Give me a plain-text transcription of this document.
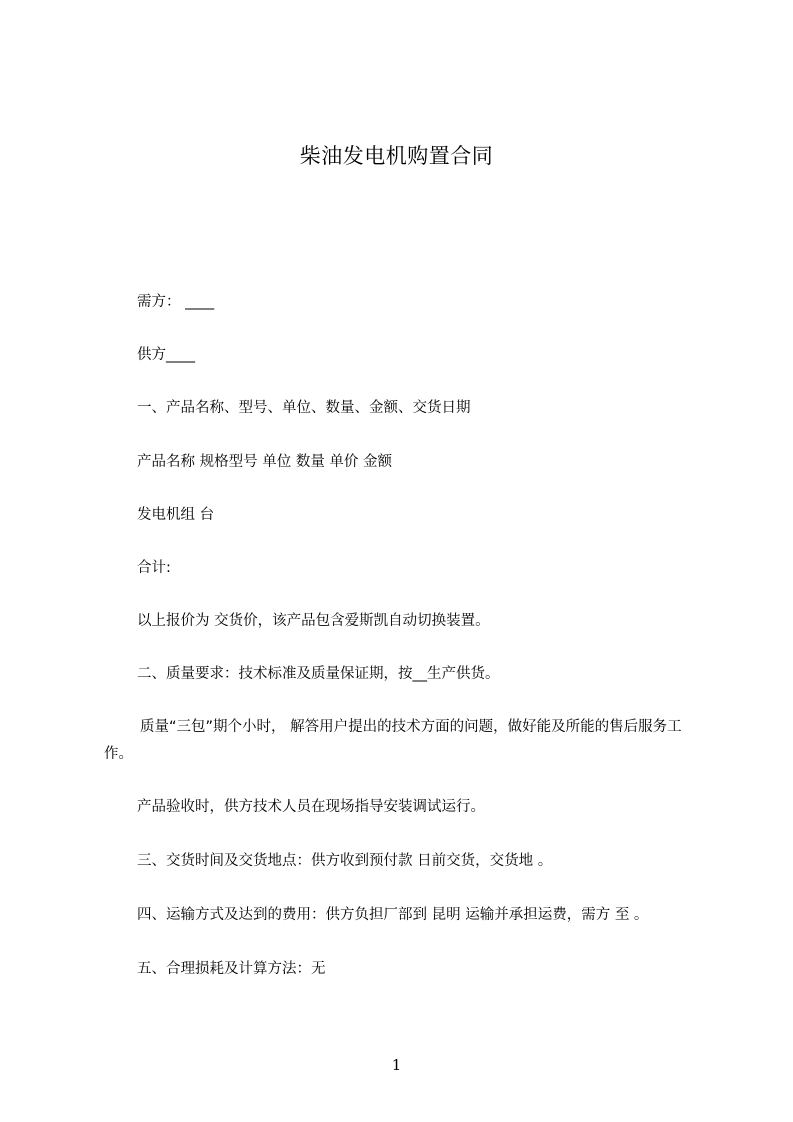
柴油发电机购置合同

需方： ____

供方____

一、产品名称、型号、单位、数量、金额、交货日期

产品名称 规格型号 单位 数量 单价 金额

发电机组 台

合计:

以上报价为 交货价，该产品包含爱斯凯自动切换装置。

二、质量要求：技术标准及质量保证期，按__生产供货。

质量“三包”期个小时， 解答用户提出的技术方面的问题，做好能及所能的售后服务工作。

产品验收时，供方技术人员在现场指导安装调试运行。

三、交货时间及交货地点：供方收到预付款 日前交货，交货地 。

四、运输方式及达到的费用：供方负担厂部到 昆明 运输并承担运费，需方 至 。

五、合理损耗及计算方法：无

1
